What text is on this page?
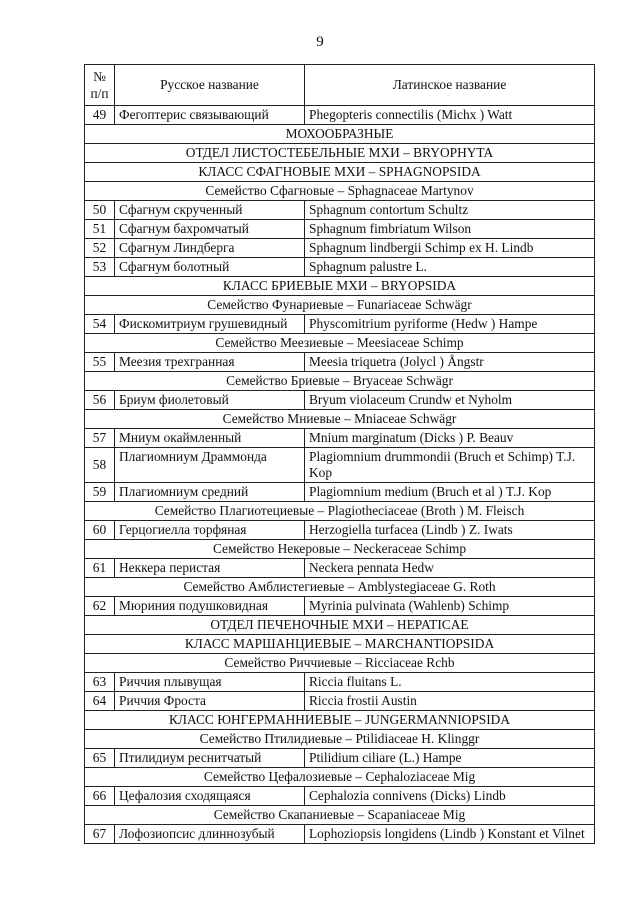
9
№
п/п	Русское название	Латинское название
49	Фегоптерис связывающий	Phegopteris connectilis (Michx ) Watt
МОХООБРАЗНЫЕ		
ОТДЕЛ ЛИСТОСТЕБЕЛЬНЫЕ МХИ – BRYOPHYTA		
КЛАСС СФАГНОВЫЕ МХИ – SPHAGNOPSIDA		
Семейство Сфагновые – Sphagnaceae Martynov		
50	Сфагнум скрученный	Sphagnum contortum Schultz
51	Сфагнум бахромчатый	Sphagnum fimbriatum Wilson
52	Сфагнум Линдберга	Sphagnum lindbergii Schimp ex H. Lindb
53	Сфагнум болотный	Sphagnum palustre L.
КЛАСС БРИЕВЫЕ МХИ – BRYOPSIDA		
Семейство Фунариевые – Funariaceae Schwägr		
54	Фискомитриум грушевидный	Physcomitrium pyriforme (Hedw ) Hampe
Семейство Меезиевые – Meesiaceae Schimp		
55	Меезия трехгранная	Meesia triquetra (Jolycl ) Ångstr
Семейство Бриевые – Bryaceae Schwägr		
56	Бриум фиолетовый	Bryum violaceum Crundw et Nyholm
Семейство Мниевые – Mniaceae Schwägr		
57	Мниум окаймленный	Mnium marginatum (Dicks ) P. Beauv
58	Плагиомниум Драммонда	Plagiomnium drummondii (Bruch et Schimp) T.J. Kop
59	Плагиомниум средний	Plagiomnium medium (Bruch et al ) T.J. Kop
Семейство Плагиотециевые – Plagiotheciaceae (Broth ) M. Fleisch		
60	Герцогиелла торфяная	Herzogiella turfacea (Lindb ) Z. Iwats
Семейство Некеровые – Neckeraceae Schimp		
61	Неккера перистая	Neckera pennata Hedw
Семейство Амблистегиевые – Amblystegiaceae G. Roth		
62	Мюриния подушковидная	Myrinia pulvinata (Wahlenb) Schimp
ОТДЕЛ ПЕЧЕНОЧНЫЕ МХИ – HEPATICAE		
КЛАСС МАРШАНЦИЕВЫЕ – MARCHANTIOPSIDA		
Семейство Риччиевые – Ricciaceae Rchb		
63	Риччия плывущая	Riccia fluitans L.
64	Риччия Фроста	Riccia frostii Austin
КЛАСС ЮНГЕРМАННИЕВЫЕ – JUNGERMANNIOPSIDA		
Семейство Птилидиевые – Ptilidiaceae H. Klinggr		
65	Птилидиум реснитчатый	Ptilidium ciliare (L.) Hampe
Семейство Цефалозиевые – Cephaloziaceae Mig		
66	Цефалозия сходящаяся	Cephalozia connivens (Dicks) Lindb
Семейство Скапаниевые – Scapaniaceae Mig		
67	Лофозиопсис длиннозубый	Lophoziopsis longidens (Lindb ) Konstant et Vilnet
